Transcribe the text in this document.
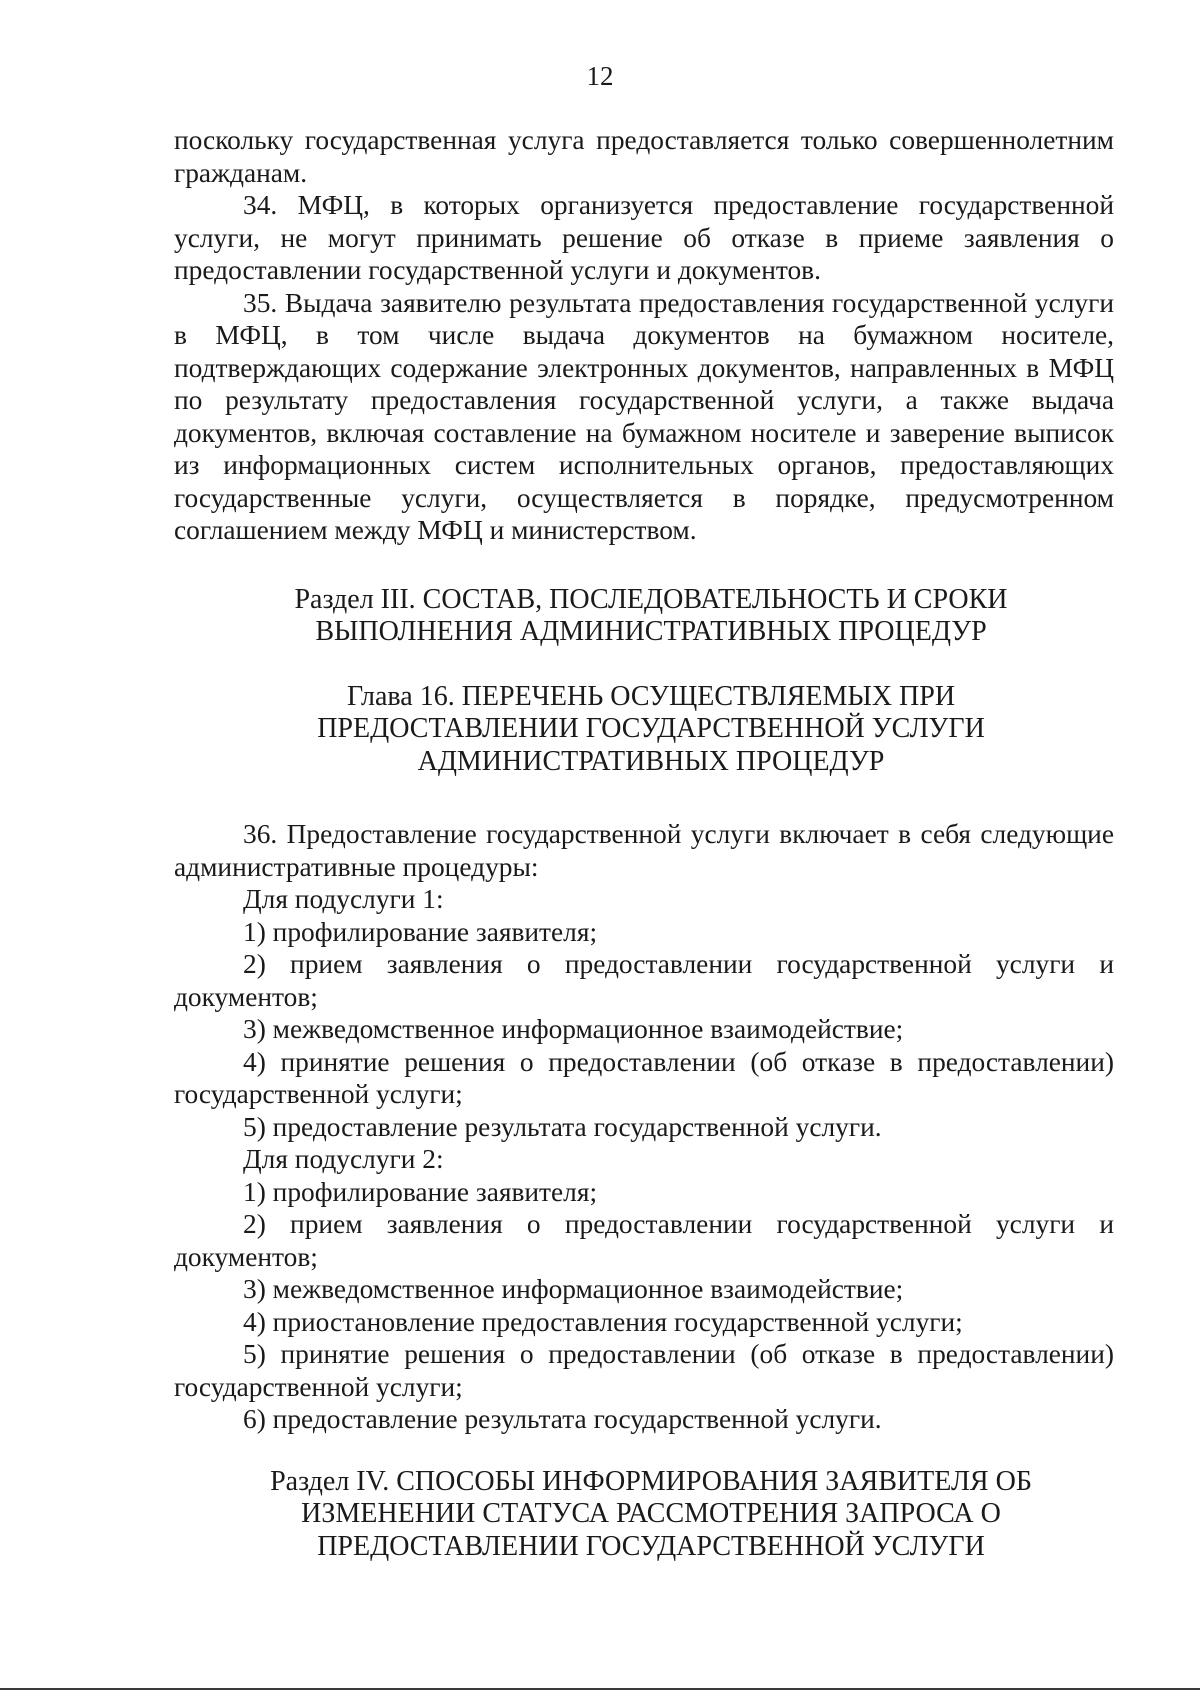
12

поскольку государственная услуга предоставляется только совершеннолетним гражданам.

34. МФЦ, в которых организуется предоставление государственной услуги, не могут принимать решение об отказе в приеме заявления о предоставлении государственной услуги и документов.

35. Выдача заявителю результата предоставления государственной услуги в МФЦ, в том числе выдача документов на бумажном носителе, подтверждающих содержание электронных документов, направленных в МФЦ по результату предоставления государственной услуги, а также выдача документов, включая составление на бумажном носителе и заверение выписок из информационных систем исполнительных органов, предоставляющих государственные услуги, осуществляется в порядке, предусмотренном соглашением между МФЦ и министерством.

Раздел III. СОСТАВ, ПОСЛЕДОВАТЕЛЬНОСТЬ И СРОКИ
ВЫПОЛНЕНИЯ АДМИНИСТРАТИВНЫХ ПРОЦЕДУР
Глава 16. ПЕРЕЧЕНЬ ОСУЩЕСТВЛЯЕМЫХ ПРИ
ПРЕДОСТАВЛЕНИИ ГОСУДАРСТВЕННОЙ УСЛУГИ
АДМИНИСТРАТИВНЫХ ПРОЦЕДУР

36. Предоставление государственной услуги включает в себя следующие административные процедуры:

Для подуслуги 1:

1) профилирование заявителя;

2) прием заявления о предоставлении государственной услуги и документов;

3) межведомственное информационное взаимодействие;

4) принятие решения о предоставлении (об отказе в предоставлении) государственной услуги;

5) предоставление результата государственной услуги.

Для подуслуги 2:

1) профилирование заявителя;

2) прием заявления о предоставлении государственной услуги и документов;

3) межведомственное информационное взаимодействие;

4) приостановление предоставления государственной услуги;

5) принятие решения о предоставлении (об отказе в предоставлении) государственной услуги;

6) предоставление результата государственной услуги.

Раздел IV. СПОСОБЫ ИНФОРМИРОВАНИЯ ЗАЯВИТЕЛЯ ОБ
ИЗМЕНЕНИИ СТАТУСА РАССМОТРЕНИЯ ЗАПРОСА О
ПРЕДОСТАВЛЕНИИ ГОСУДАРСТВЕННОЙ УСЛУГИ
